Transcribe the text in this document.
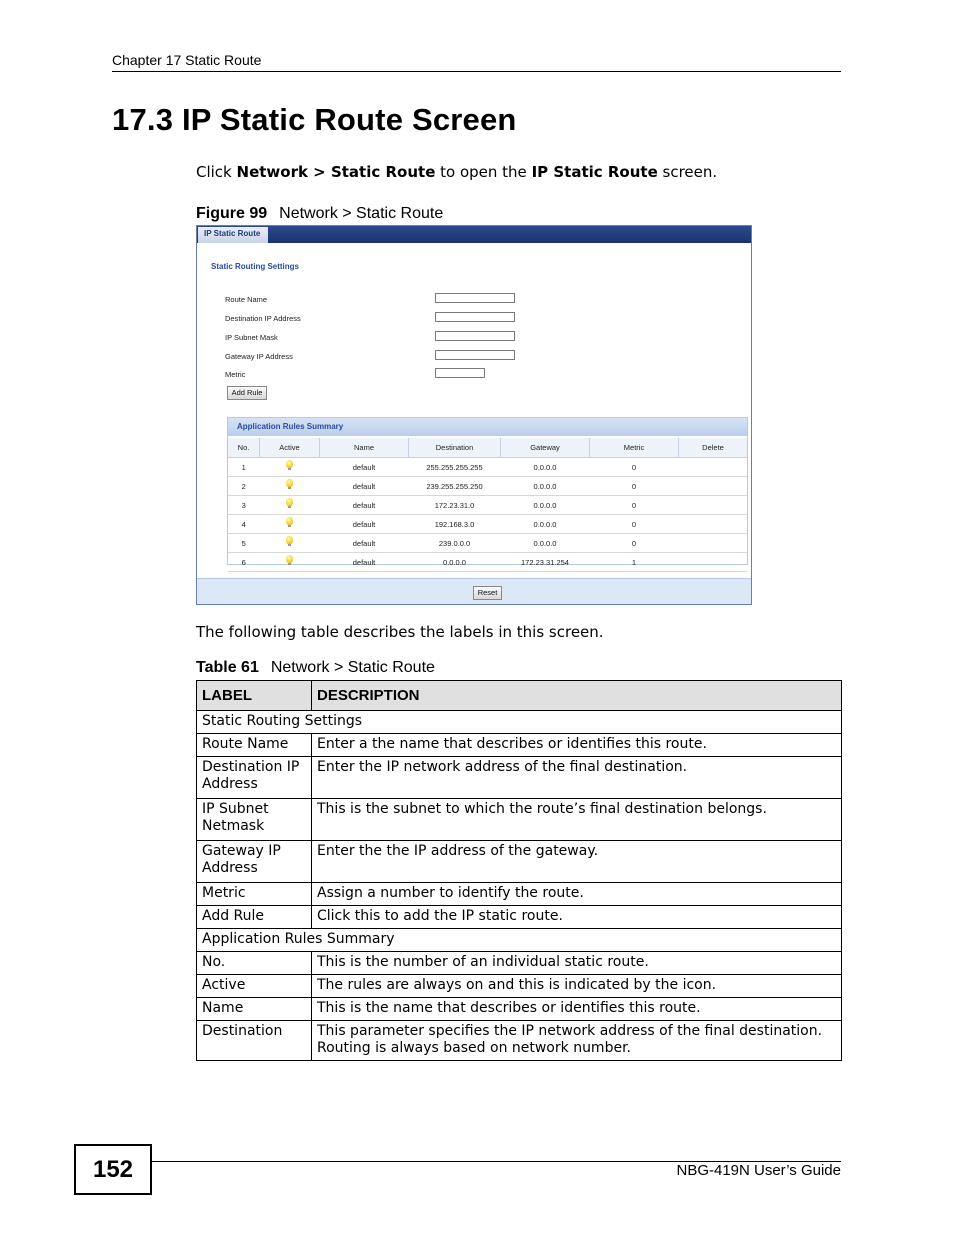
Chapter 17 Static Route
17.3 IP Static Route Screen
Click Network > Static Route to open the IP Static Route screen.
Figure 99 Network > Static Route
IP Static Route
Static Routing Settings
Route Name
Destination IP Address
IP Subnet Mask
Gateway IP Address
Metric
Add Rule
Application Rules Summary
No.	Active	Name	Destination	Gateway	Metric	Delete
1		default	255.255.255.255	0.0.0.0	0	
2		default	239.255.255.250	0.0.0.0	0	
3		default	172.23.31.0	0.0.0.0	0	
4		default	192.168.3.0	0.0.0.0	0	
5		default	239.0.0.0	0.0.0.0	0	
6		default	0.0.0.0	172.23.31.254	1	
Reset
The following table describes the labels in this screen.
Table 61 Network > Static Route
LABEL	DESCRIPTION
Static Routing Settings	
Route Name	Enter a the name that describes or identifies this route.
Destination IP Address	Enter the IP network address of the final destination.
IP Subnet Netmask	This is the subnet to which the route’s final destination belongs.
Gateway IP Address	Enter the the IP address of the gateway.
Metric	Assign a number to identify the route.
Add Rule	Click this to add the IP static route.
Application Rules Summary	
No.	This is the number of an individual static route.
Active	The rules are always on and this is indicated by the icon.
Name	This is the name that describes or identifies this route.
Destination	This parameter specifies the IP network address of the final destination. Routing is always based on network number.
152	NBG-419N User’s Guide
